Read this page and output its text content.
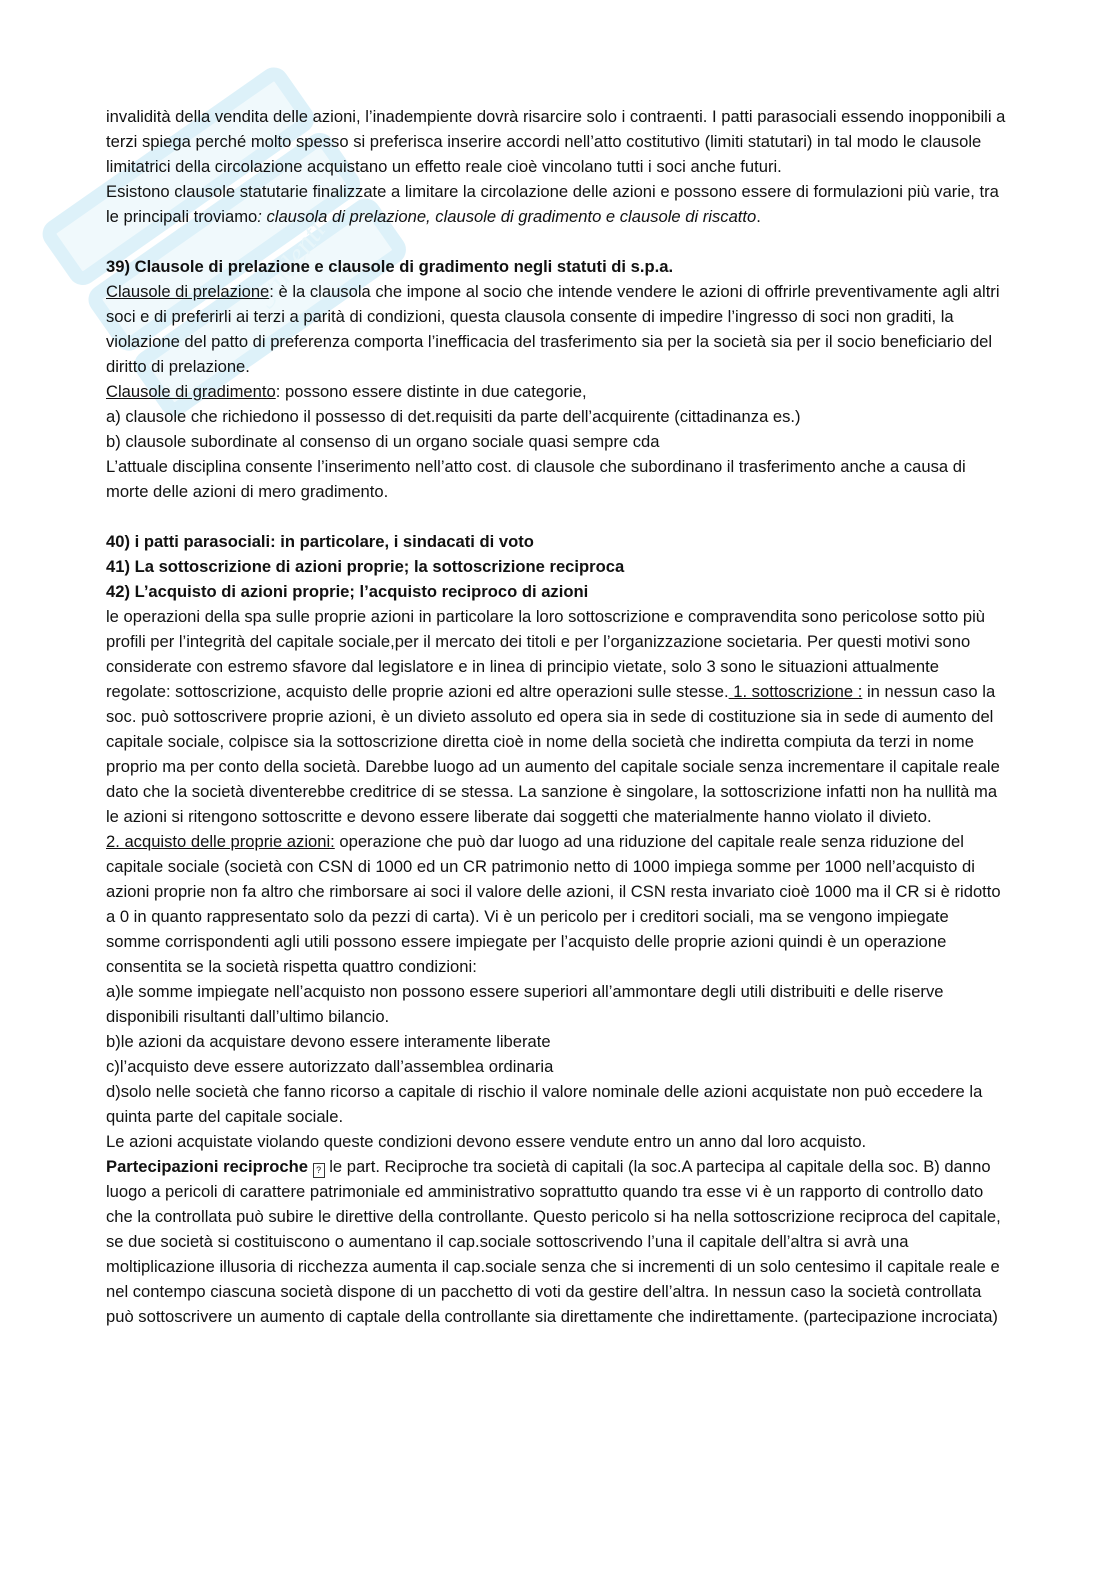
Studenti

invalidità della vendita delle azioni, l’inadempiente dovrà risarcire solo i contraenti. I patti parasociali essendo inopponibili a terzi spiega perché molto spesso si preferisca inserire accordi nell’atto costitutivo (limiti statutari) in tal modo le clausole limitatrici della circolazione acquistano un effetto reale cioè vincolano tutti i soci anche futuri.

Esistono clausole statutarie finalizzate a limitare la circolazione delle azioni e possono essere di formulazioni più varie, tra le principali troviamo: clausola di prelazione, clausole di gradimento e clausole di riscatto.

39) Clausole di prelazione e clausole di gradimento negli statuti di s.p.a.

Clausole di prelazione: è la clausola che impone al socio che intende vendere le azioni di offrirle preventivamente agli altri soci e di preferirli ai terzi a parità di condizioni, questa clausola consente di impedire l’ingresso di soci non graditi, la violazione del patto di preferenza comporta l’inefficacia del trasferimento sia per la società sia per il socio beneficiario del diritto di prelazione.

Clausole di gradimento: possono essere distinte in due categorie,

a) clausole che richiedono il possesso di det.requisiti da parte dell’acquirente (cittadinanza es.)

b) clausole subordinate al consenso di un organo sociale quasi sempre cda

L’attuale disciplina consente l’inserimento nell’atto cost. di clausole che subordinano il trasferimento anche a causa di morte delle azioni di mero gradimento.

40) i patti parasociali: in particolare, i sindacati di voto

41) La sottoscrizione di azioni proprie; la sottoscrizione reciproca

42) L’acquisto di azioni proprie; l’acquisto reciproco di azioni

le operazioni della spa sulle proprie azioni in particolare la loro sottoscrizione e compravendita sono pericolose sotto più profili per l’integrità del capitale sociale,per il mercato dei titoli e per l’organizzazione societaria. Per questi motivi sono considerate con estremo sfavore dal legislatore e in linea di principio vietate, solo 3 sono le situazioni attualmente regolate: sottoscrizione, acquisto delle proprie azioni ed altre operazioni sulle stesse. 1. sottoscrizione : in nessun caso la soc. può sottoscrivere proprie azioni, è un divieto assoluto ed opera sia in sede di costituzione sia in sede di aumento del capitale sociale, colpisce sia la sottoscrizione diretta cioè in nome della società che indiretta compiuta da terzi in nome proprio ma per conto della società. Darebbe luogo ad un aumento del capitale sociale senza incrementare il capitale reale dato che la società diventerebbe creditrice di se stessa. La sanzione è singolare, la sottoscrizione infatti non ha nullità ma le azioni si ritengono sottoscritte e devono essere liberate dai soggetti che materialmente hanno violato il divieto.

2. acquisto delle proprie azioni: operazione che può dar luogo ad una riduzione del capitale reale senza riduzione del capitale sociale (società con CSN di 1000 ed un CR patrimonio netto di 1000 impiega somme per 1000 nell’acquisto di azioni proprie non fa altro che rimborsare ai soci il valore delle azioni, il CSN resta invariato cioè 1000 ma il CR si è ridotto a 0 in quanto rappresentato solo da pezzi di carta). Vi è un pericolo per i creditori sociali, ma se vengono impiegate somme corrispondenti agli utili possono essere impiegate per l’acquisto delle proprie azioni quindi è un operazione consentita se la società rispetta quattro condizioni:

a)le somme impiegate nell’acquisto non possono essere superiori all’ammontare degli utili distribuiti e delle riserve disponibili risultanti dall’ultimo bilancio.

b)le azioni da acquistare devono essere interamente liberate

c)l’acquisto deve essere autorizzato dall’assemblea ordinaria

d)solo nelle società che fanno ricorso a capitale di rischio il valore nominale delle azioni acquistate non può eccedere la quinta parte del capitale sociale.

Le azioni acquistate violando queste condizioni devono essere vendute entro un anno dal loro acquisto.

Partecipazioni reciproche ? le part. Reciproche tra società di capitali (la soc.A partecipa al capitale della soc. B) danno luogo a pericoli di carattere patrimoniale ed amministrativo soprattutto quando tra esse vi è un rapporto di controllo dato che la controllata può subire le direttive della controllante. Questo pericolo si ha nella sottoscrizione reciproca del capitale, se due società si costituiscono o aumentano il cap.sociale sottoscrivendo l’una il capitale dell’altra si avrà una moltiplicazione illusoria di ricchezza aumenta il cap.sociale senza che si incrementi di un solo centesimo il capitale reale e nel contempo ciascuna società dispone di un pacchetto di voti da gestire dell’altra. In nessun caso la società controllata può sottoscrivere un aumento di captale della controllante sia direttamente che indirettamente. (partecipazione incrociata)
